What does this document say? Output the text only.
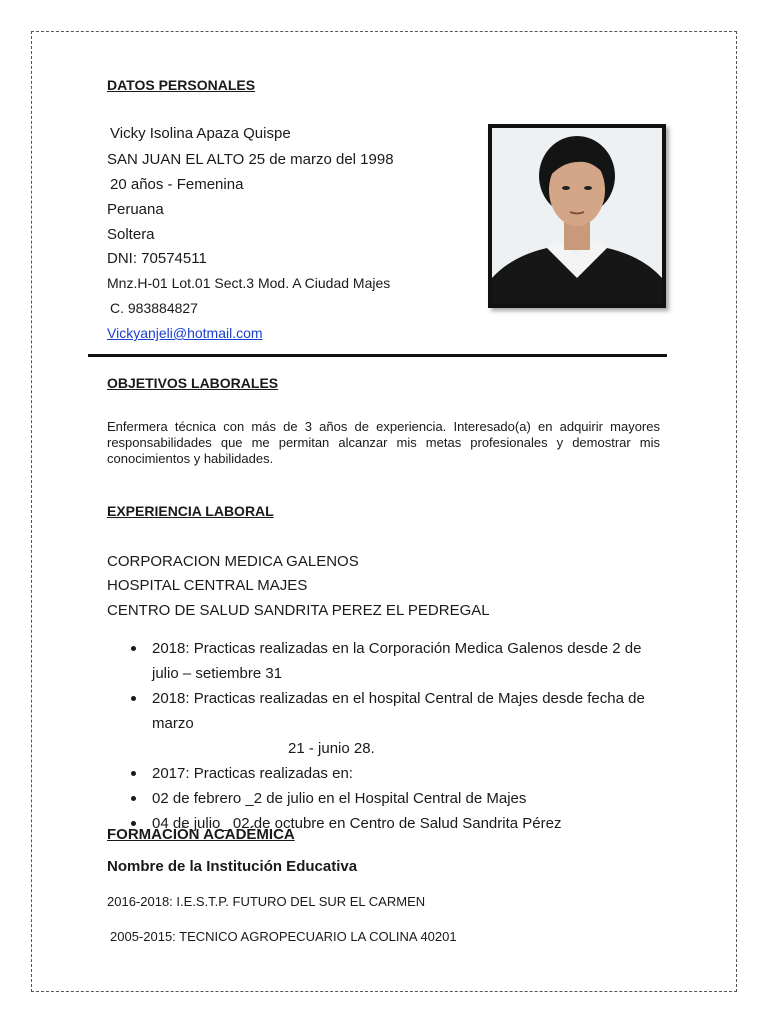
DATOS PERSONALES
Vicky Isolina Apaza Quispe
SAN JUAN EL ALTO 25 de marzo del 1998
20 años - Femenina
Peruana
Soltera
DNI: 70574511
Mnz.H-01 Lot.01 Sect.3 Mod. A Ciudad Majes
C. 983884827
Vickyanjeli@hotmail.com
OBJETIVOS LABORALES

Enfermera técnica con más de 3 años de experiencia. Interesado(a) en adquirir mayores responsabilidades que me permitan alcanzar mis metas profesionales y demostrar mis conocimientos y habilidades.

EXPERIENCIA LABORAL
CORPORACION MEDICA GALENOS
HOSPITAL CENTRAL MAJES
CENTRO DE SALUD SANDRITA PEREZ EL PEDREGAL
2018: Practicas realizadas en la Corporación Medica Galenos desde 2 de julio – setiembre 31
2018: Practicas realizadas en el hospital Central de Majes desde fecha de marzo
21 - junio 28.
2017: Practicas realizadas en:
02 de febrero _2 de julio en el Hospital Central de Majes
04 de julio_ 02 de octubre en Centro de Salud Sandrita Pérez
FORMACIÓN ACADÉMICA
Nombre de la Institución Educativa
2016-2018: I.E.S.T.P. FUTURO DEL SUR EL CARMEN
2005-2015: TECNICO AGROPECUARIO LA COLINA 40201
